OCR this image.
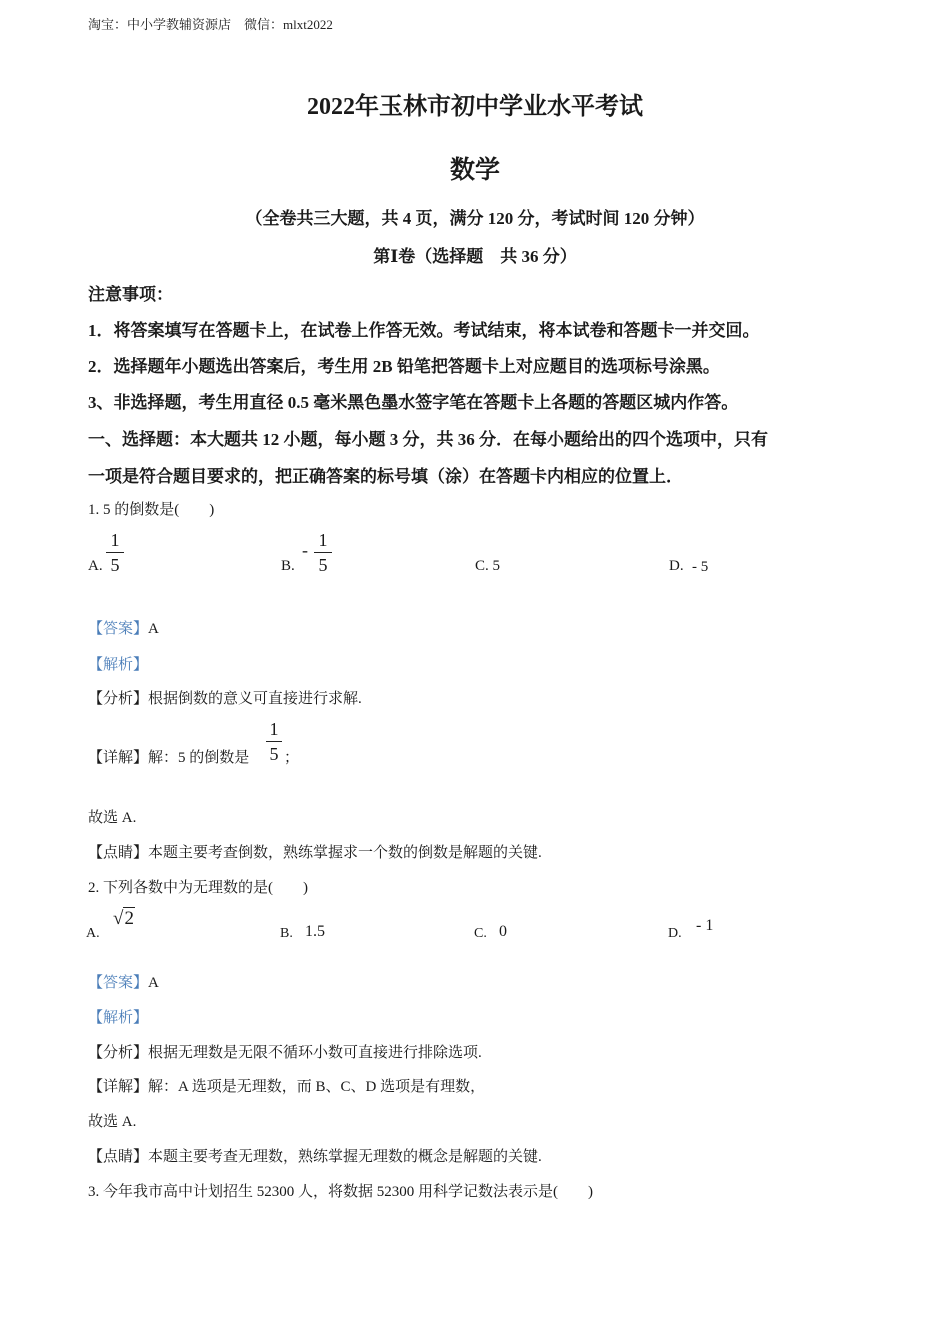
淘宝：中小学教辅资源店　微信：mlxt2022
2022年玉林市初中学业水平考试
数学
（全卷共三大题，共 4 页，满分 120 分，考试时间 120 分钟）
第Ⅰ卷（选择题　共 36 分）
注意事项：
1．将答案填写在答题卡上，在试卷上作答无效。考试结束，将本试卷和答题卡一并交回。
2．选择题年小题选出答案后，考生用 2B 铅笔把答题卡上对应题目的选项标号涂黑。
3、非选择题，考生用直径 0.5 毫米黑色墨水签字笔在答题卡上各题的答题区城内作答。
一、选择题：本大题共 12 小题，每小题 3 分，共 36 分．在每小题给出的四个选项中，只有
一项是符合题目要求的，把正确答案的标号填（涂）在答题卡内相应的位置上．
1. 5 的倒数是(　　)
A.
1
5	B.
- 1
5	C. 5	D. - 5
【答案】A
【解析】
【分析】根据倒数的意义可直接进行求解.
【详解】解：5 的倒数是
1
5 ；
故选 A.
【点睛】本题主要考查倒数，熟练掌握求一个数的倒数是解题的关键.
2. 下列各数中为无理数的是(　　)
A.
√2
B. 1.5	C. 0	D. - 1
【答案】A
【解析】
【分析】根据无理数是无限不循环小数可直接进行排除选项.
【详解】解：A 选项是无理数，而 B、C、D 选项是有理数，
故选 A.
【点睛】本题主要考查无理数，熟练掌握无理数的概念是解题的关键.
3. 今年我市高中计划招生 52300 人，将数据 52300 用科学记数法表示是(　　)
